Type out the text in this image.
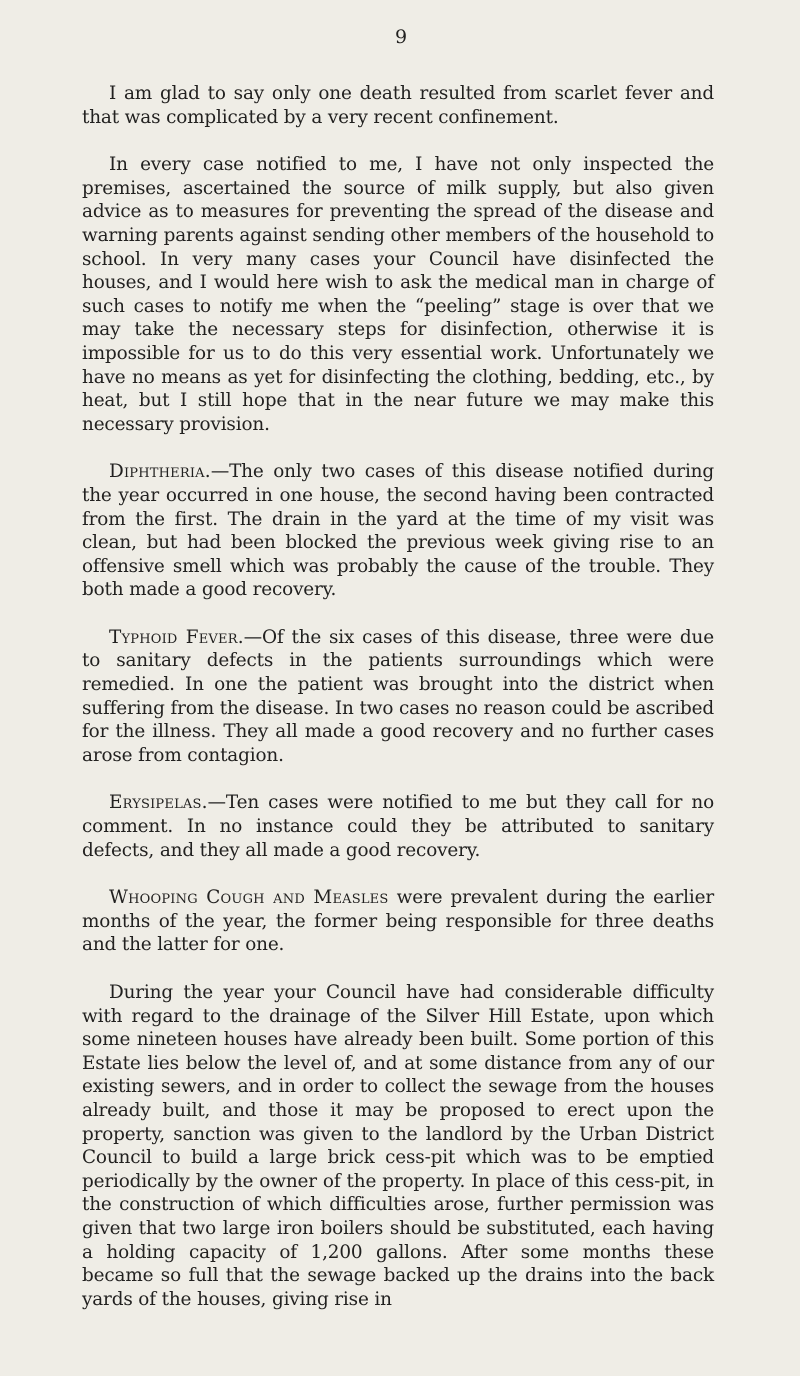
9

I am glad to say only one death resulted from scarlet fever and that was complicated by a very recent confinement.

In every case notified to me, I have not only inspected the premises, ascertained the source of milk supply, but also given advice as to measures for preventing the spread of the disease and warning parents against sending other members of the household to school. In very many cases your Council have disinfected the houses, and I would here wish to ask the medical man in charge of such cases to notify me when the “peeling” stage is over that we may take the necessary steps for disinfection, otherwise it is impossible for us to do this very essential work. Unfortunately we have no means as yet for disinfecting the clothing, bedding, etc., by heat, but I still hope that in the near future we may make this necessary provision.

Diphtheria.—The only two cases of this disease notified during the year occurred in one house, the second having been contracted from the first. The drain in the yard at the time of my visit was clean, but had been blocked the previous week giving rise to an offensive smell which was probably the cause of the trouble. They both made a good recovery.

Typhoid Fever.—Of the six cases of this disease, three were due to sanitary defects in the patients surroundings which were remedied. In one the patient was brought into the district when suffering from the disease. In two cases no reason could be ascribed for the illness. They all made a good recovery and no further cases arose from contagion.

Erysipelas.—Ten cases were notified to me but they call for no comment. In no instance could they be attributed to sanitary defects, and they all made a good recovery.

Whooping Cough and Measles were prevalent during the earlier months of the year, the former being responsible for three deaths and the latter for one.

During the year your Council have had considerable difficulty with regard to the drainage of the Silver Hill Estate, upon which some nineteen houses have already been built. Some portion of this Estate lies below the level of, and at some distance from any of our existing sewers, and in order to collect the sewage from the houses already built, and those it may be proposed to erect upon the property, sanction was given to the landlord by the Urban District Council to build a large brick cess-pit which was to be emptied periodically by the owner of the property. In place of this cess-pit, in the construction of which difficulties arose, further permission was given that two large iron boilers should be substituted, each having a holding capacity of 1,200 gallons. After some months these became so full that the sewage backed up the drains into the back yards of the houses, giving rise in
